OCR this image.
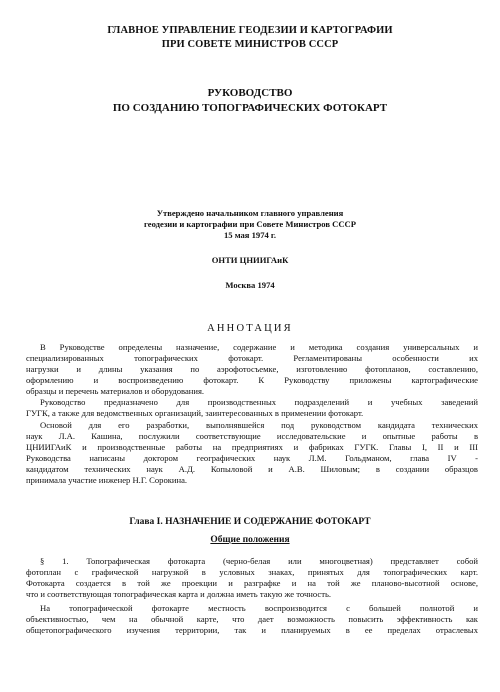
ГЛАВНОЕ УПРАВЛЕНИЕ ГЕОДЕЗИИ И КАРТОГРАФИИ
ПРИ СОВЕТЕ МИНИСТРОВ СССР
РУКОВОДСТВО
ПО СОЗДАНИЮ ТОПОГРАФИЧЕСКИХ ФОТОКАРТ
Утверждено начальником главного управления
геодезии и картографии при Совете Министров СССР
15 мая 1974 г.
ОНТИ ЦНИИГАиК
Москва 1974
АННОТАЦИЯ
В Руководстве определены назначение, содержание и методика создания универсальных и
специализированных топографических фотокарт. Регламентированы особенности их
нагрузки и длины указания по аэрофотосъемке, изготовлению фотопланов, составлению,
оформлению и воспроизведению фотокарт. К Руководству приложены картографические
образцы и перечень материалов и оборудования.
Руководство предназначено для производственных подразделений и учебных заведений
ГУГК, а также для ведомственных организаций, заинтересованных в применении фотокарт.
Основой для его разработки, выполнявшейся под руководством кандидата технических
наук Л.А. Кашина, послужили соответствующие исследовательские и опытные работы в
ЦНИИГАиК и производственные работы на предприятиях и фабриках ГУГК. Главы I, II и III
Руководства написаны доктором географических наук Л.М. Гольдманом, глава IV -
кандидатом технических наук А.Д. Копыловой и А.В. Шиловым; в создании образцов
принимала участие инженер Н.Г. Сорокина.
Глава I. НАЗНАЧЕНИЕ И СОДЕРЖАНИЕ ФОТОКАРТ
Общие положения
§ 1. Топографическая фотокарта (черно-белая или многоцветная) представляет собой
фотоплан с графической нагрузкой в условных знаках, принятых для топографических карт.
Фотокарта создается в той же проекции и разграфке и на той же планово-высотной основе,
что и соответствующая топографическая карта и должна иметь такую же точность.
На топографической фотокарте местность воспроизводится с большей полнотой и
объективностью, чем на обычной карте, что дает возможность повысить эффективность как
общетопографического изучения территории, так и планируемых в ее пределах отраслевых
